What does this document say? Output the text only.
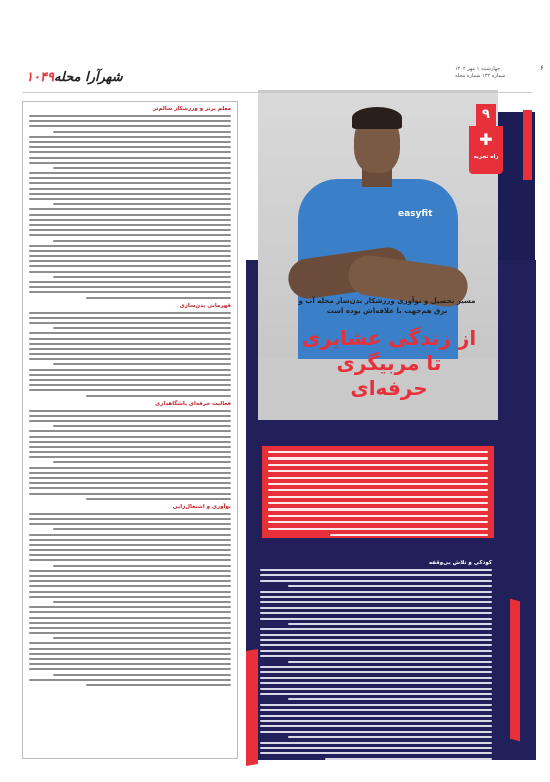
۶
چهارشنبه ۱ مهر ۱۴۰۲
شماره ۱۳۲ شماره مجله
۱۰۴۹ شهرآرا محله
easyfit
۹
✚
راه تجربه
مسیر تحصیل و نوآوری ورزشکار بدن‌ساز محله آب و برق هم‌جهت با علاقه‌اش بوده است
از زندگی عشایری تا مربیگری حرفه‌ای
کودکی و تلاش بی‌وقفه
معلم برتر و ورزشکار سالم‌تر
قهرمانی بدن‌سازی
فعالیت حرفه‌ای با‌شگاهداری
نوآوری و اشتغال‌زایی
